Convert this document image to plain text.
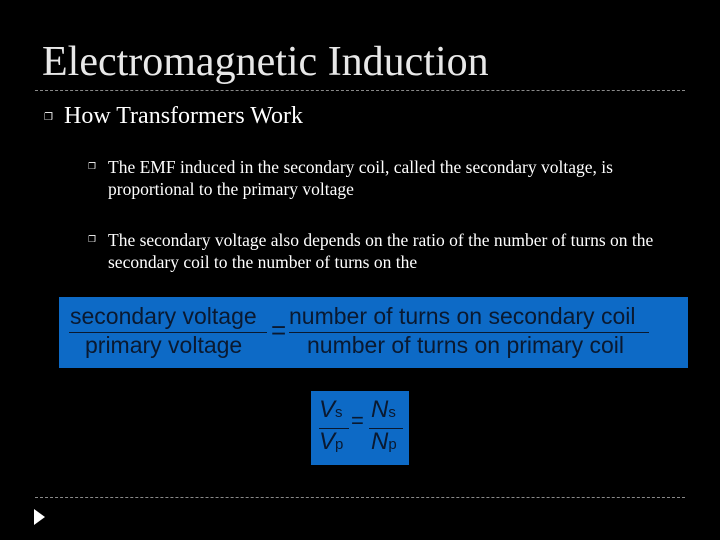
Electromagnetic Induction
❐ How Transformers Work
❐ The EMF induced in the secondary coil, called the secondary voltage, is proportional to the primary voltage
❐ The secondary voltage also depends on the ratio of the number of turns on the secondary coil to the number of turns on the
secondary voltage
primary voltage = number of turns on secondary coil
number of turns on primary coil
Vs
Vp
= Ns
Np
